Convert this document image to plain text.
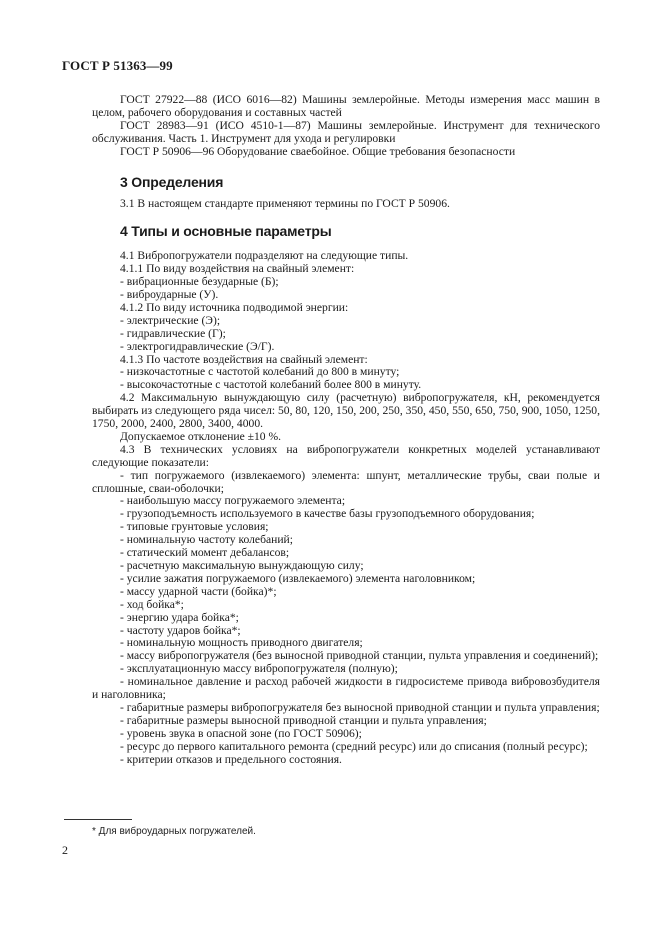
ГОСТ Р 51363—99

ГОСТ 27922—88 (ИСО 6016—82) Машины землеройные. Методы измерения масс машин в целом, рабочего оборудования и составных частей

ГОСТ 28983—91 (ИСО 4510-1—87) Машины землеройные. Инструмент для технического обслуживания. Часть 1. Инструмент для ухода и регулировки

ГОСТ Р 50906—96 Оборудование сваебойное. Общие требования безопасности

3 Определения

3.1 В настоящем стандарте применяют термины по ГОСТ Р 50906.

4 Типы и основные параметры

4.1 Вибропогружатели подразделяют на следующие типы.

4.1.1 По виду воздействия на свайный элемент:

- вибрационные безударные (Б);

- виброударные (У).

4.1.2 По виду источника подводимой энергии:

- электрические (Э);

- гидравлические (Г);

- электрогидравлические (Э/Г).

4.1.3 По частоте воздействия на свайный элемент:

- низкочастотные с частотой колебаний до 800 в минуту;

- высокочастотные с частотой колебаний более 800 в минуту.

4.2 Максимальную вынуждающую силу (расчетную) вибропогружателя, кН, рекомендуется выбирать из следующего ряда чисел: 50, 80, 120, 150, 200, 250, 350, 450, 550, 650, 750, 900, 1050, 1250, 1750, 2000, 2400, 2800, 3400, 4000.

Допускаемое отклонение ±10 %.

4.3 В технических условиях на вибропогружатели конкретных моделей устанавливают следующие показатели:

- тип погружаемого (извлекаемого) элемента: шпунт, металлические трубы, сваи полые и сплошные, сваи-оболочки;

- наибольшую массу погружаемого элемента;

- грузоподъемность используемого в качестве базы грузоподъемного оборудования;

- типовые грунтовые условия;

- номинальную частоту колебаний;

- статический момент дебалансов;

- расчетную максимальную вынуждающую силу;

- усилие зажатия погружаемого (извлекаемого) элемента наголовником;

- массу ударной части (бойка)*;

- ход бойка*;

- энергию удара бойка*;

- частоту ударов бойка*;

- номинальную мощность приводного двигателя;

- массу вибропогружателя (без выносной приводной станции, пульта управления и соединений);

- эксплуатационную массу вибропогружателя (полную);

- номинальное давление и расход рабочей жидкости в гидросистеме привода вибровозбудителя и наголовника;

- габаритные размеры вибропогружателя без выносной приводной станции и пульта управления;

- габаритные размеры выносной приводной станции и пульта управления;

- уровень звука в опасной зоне (по ГОСТ 50906);

- ресурс до первого капитального ремонта (средний ресурс) или до списания (полный ресурс);

- критерии отказов и предельного состояния.

* Для виброударных погружателей.
2
